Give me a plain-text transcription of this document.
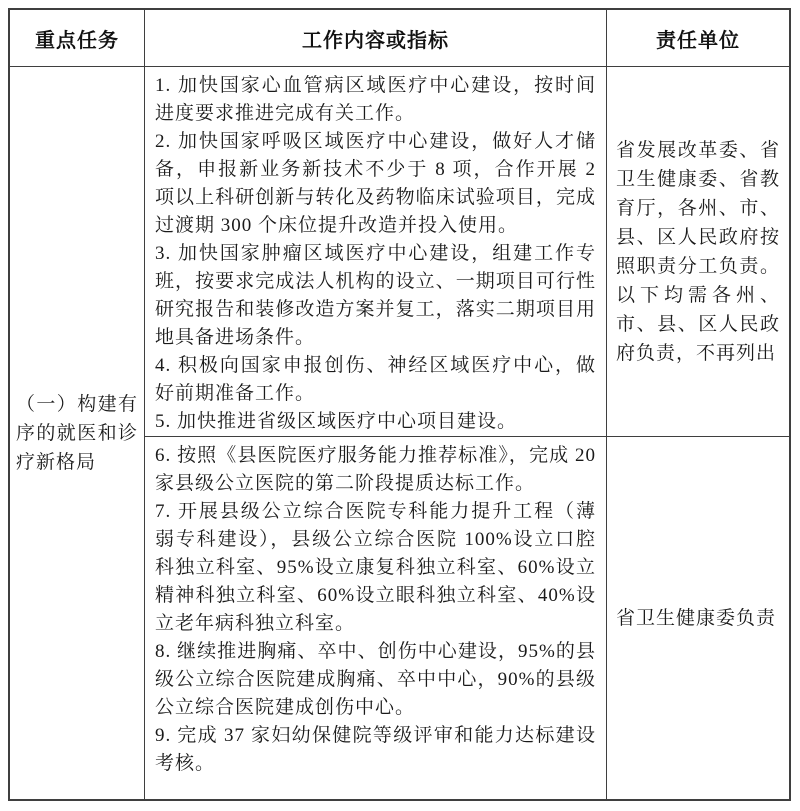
重点任务	工作内容或指标	责任单位
（一）构建有序的就医和诊疗新格局

1. 加快国家心血管病区域医疗中心建设，按时间进度要求推进完成有关工作。

2. 加快国家呼吸区域医疗中心建设，做好人才储备，申报新业务新技术不少于 8 项，合作开展 2 项以上科研创新与转化及药物临床试验项目，完成过渡期 300 个床位提升改造并投入使用。

3. 加快国家肿瘤区域医疗中心建设，组建工作专班，按要求完成法人机构的设立、一期项目可行性研究报告和装修改造方案并复工，落实二期项目用地具备进场条件。

4. 积极向国家申报创伤、神经区域医疗中心，做好前期准备工作。

5. 加快推进省级区域医疗中心项目建设。

省发展改革委、省卫生健康委、省教育厅，各州、市、县、区人民政府按照职责分工负责。以下均需各州、市、县、区人民政府负责，不再列出

6. 按照《县医院医疗服务能力推荐标准》，完成 20 家县级公立医院的第二阶段提质达标工作。

7. 开展县级公立综合医院专科能力提升工程（薄弱专科建设），县级公立综合医院 100%设立口腔科独立科室、95%设立康复科独立科室、60%设立精神科独立科室、60%设立眼科独立科室、40%设立老年病科独立科室。

8. 继续推进胸痛、卒中、创伤中心建设，95%的县级公立综合医院建成胸痛、卒中中心，90%的县级公立综合医院建成创伤中心。

9. 完成 37 家妇幼保健院等级评审和能力达标建设考核。

省卫生健康委负责
